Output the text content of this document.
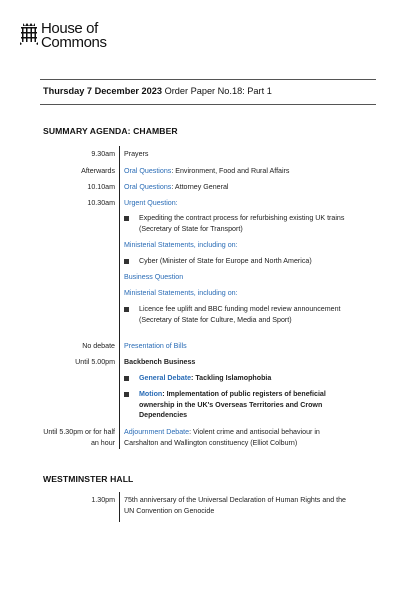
House of
Commons
Thursday 7 December 2023 Order Paper No.18: Part 1
SUMMARY AGENDA: CHAMBER
9.30am Prayers
Afterwards Oral Questions: Environment, Food and Rural Affairs
10.10am Oral Questions: Attorney General
10.30am Urgent Question:
Expediting the contract process for refurbishing existing UK trains (Secretary of State for Transport)
Ministerial Statements, including on:
Cyber (Minister of State for Europe and North America)
Business Question
Ministerial Statements, including on:
Licence fee uplift and BBC funding model review announcement (Secretary of State for Culture, Media and Sport)
No debate Presentation of Bills
Until 5.00pm Backbench Business
General Debate: Tackling Islamophobia
Motion: Implementation of public registers of beneficial ownership in the UK's Overseas Territories and Crown Dependencies
Until 5.30pm or for half an hour
Adjournment Debate: Violent crime and antisocial behaviour in Carshalton and Wallington constituency (Elliot Colburn)
WESTMINSTER HALL
1.30pm 75th anniversary of the Universal Declaration of Human Rights and the UN Convention on Genocide
